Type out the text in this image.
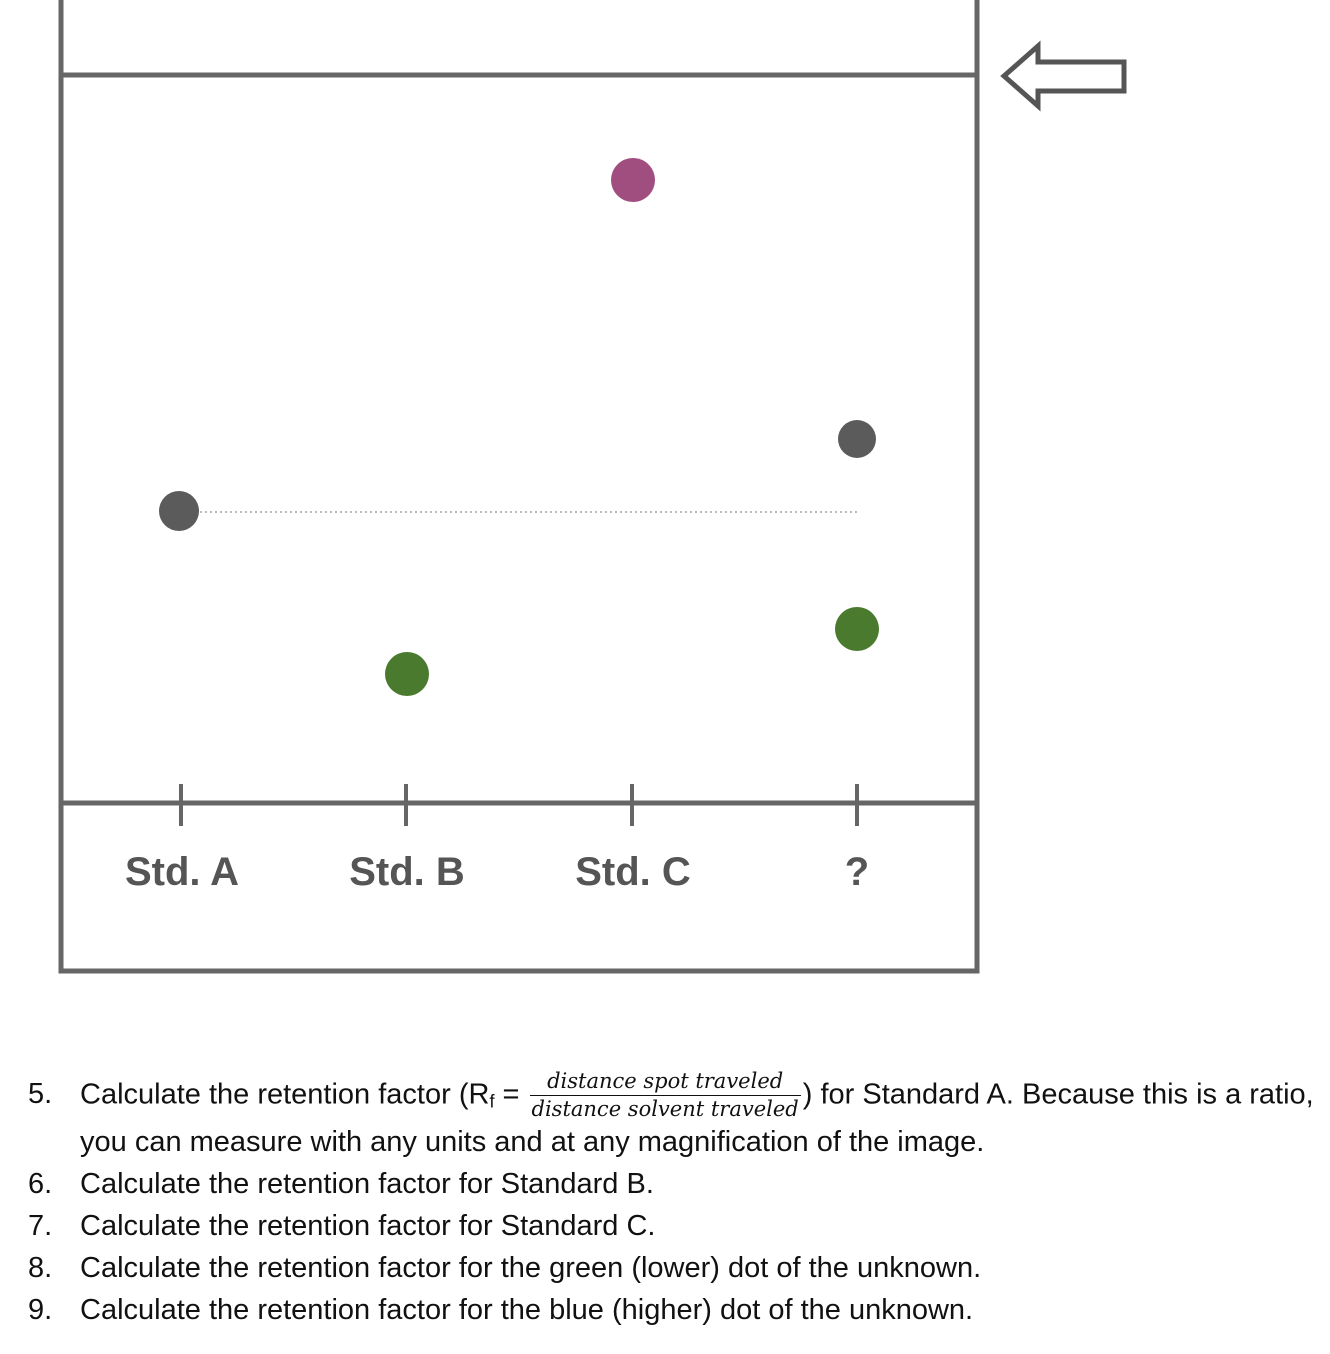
Std. A	Std. B	Std. C	?
5. Calculate the retention factor ($R_f = \frac{\text{distance spot traveled}}{\text{distance solvent traveled}}$ ) for Standard A. Because this is a ratio, you can measure with any units and at any magnification of the image.
6. Calculate the retention factor for Standard B.
7. Calculate the retention factor for Standard C.
8. Calculate the retention factor for the green (lower) dot of the unknown.
9. Calculate the retention factor for the blue (higher) dot of the unknown.
